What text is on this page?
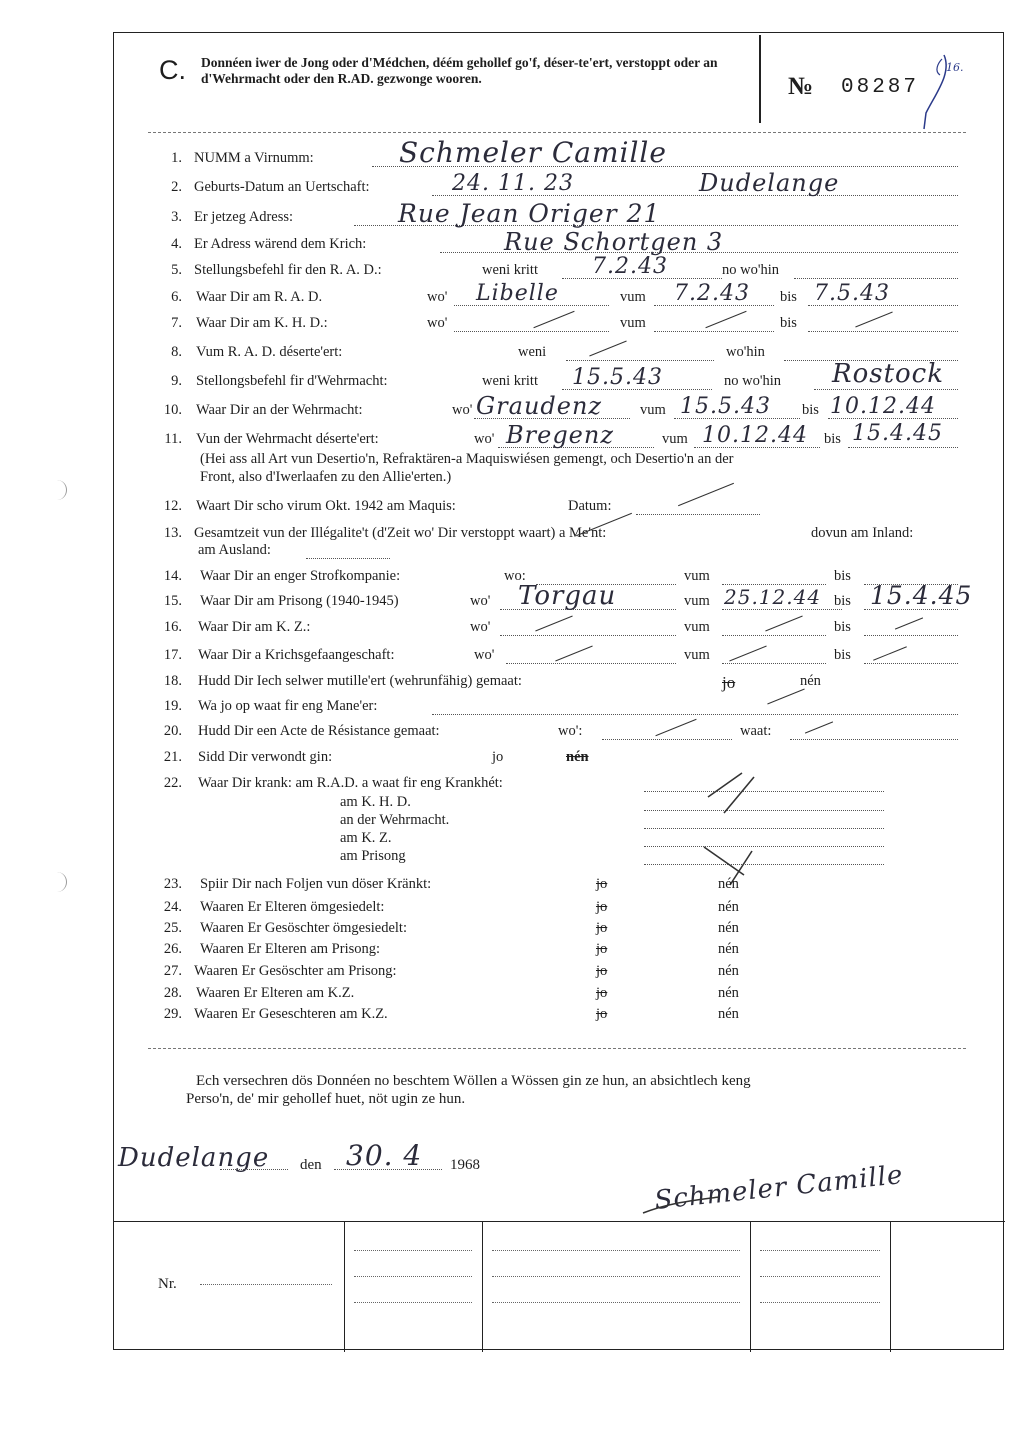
C. Donnéen iwer de Jong oder d'Médchen, déém gehollef go'f, déser-te'ert, verstoppt oder an d'Wehrmacht oder den R.AD. gezwonge wooren.	№ 08287
16.
1. NUMM a Virnumm:	Schmeler Camille
2. Geburts-Datum an Uertschaft:	24. 11. 23	Dudelange
3. Er jetzeg Adress:	Rue Jean Origer 21
4. Er Adress wärend dem Krich:	Rue Schortgen 3
5. Stellungsbefehl fir den R. A. D.:	weni kritt 7.2.43	no wo'hin
6. Waar Dir am R. A. D.	wo' Libelle	vum 7.2.43 bis 7.5.43
7. Waar Dir am K. H. D.:	wo'	vum	bis
8. Vum R. A. D. déserte'ert:	weni	wo'hin
9. Stellongsbefehl fir d'Wehrmacht:	weni kritt 15.5.43	no wo'hin Rostock
10. Waar Dir an der Wehrmacht:	wo' Graudenz	vum 15.5.43 bis 10.12.44
11. Vun der Wehrmacht déserte'ert:	wo' Bregenz	vum 10.12.44 bis 15.4.45
(Hei ass all Art vun Desertio'n, Refraktären-a Maquiswiésen gemengt, och Desertio'n an der
Front, also d'Iwerlaafen zu den Allie'erten.)
12. Waart Dir scho virum Okt. 1942 am Maquis:	Datum:
13. Gesamtzeit vun der Illégalite't (d'Zeit wo' Dir verstoppt waart) a Me'nt:	dovun am Inland:
am Ausland:
14. Waar Dir an enger Strofkompanie:	wo:	vum	bis
15. Waar Dir am Prisong (1940-1945)	wo' Torgau	vum 25.12.44 bis 15.4.45
16. Waar Dir am K. Z.:	wo'	vum	bis
17. Waar Dir a Krichsgefaangeschaft:	wo'	vum	bis
18. Hudd Dir Iech selwer mutille'ert (wehrunfähig) gemaat:	jo	nén
19. Wa jo op waat fir eng Mane'er:
20. Hudd Dir een Acte de Résistance gemaat:	wo':	waat:
21. Sidd Dir verwondt gin:	jo	nén
22. Waar Dir krank: am R.A.D. a waat fir eng Krankhét:
am K. H. D.
an der Wehrmacht.
am K. Z.
am Prisong
23. Spiir Dir nach Foljen vun döser Kränkt:	jo	nén
24. Waaren Er Elteren ömgesiedelt:	jo	nén
25. Waaren Er Gesöschter ömgesiedelt:	jo	nén
26. Waaren Er Elteren am Prisong:	jo	nén
27. Waaren Er Gesöschter am Prisong:	jo	nén
28. Waaren Er Elteren am K.Z.	jo	nén
29. Waaren Er Geseschteren am K.Z.	jo	nén
Ech versechren dös Donnéen no beschtem Wöllen a Wössen gin ze hun, an absichtlech keng
Perso'n, de' mir gehollef huet, nöt ugin ze hun.
Dudelange den 30. 4 1968	Schmeler Camille
Nr.
